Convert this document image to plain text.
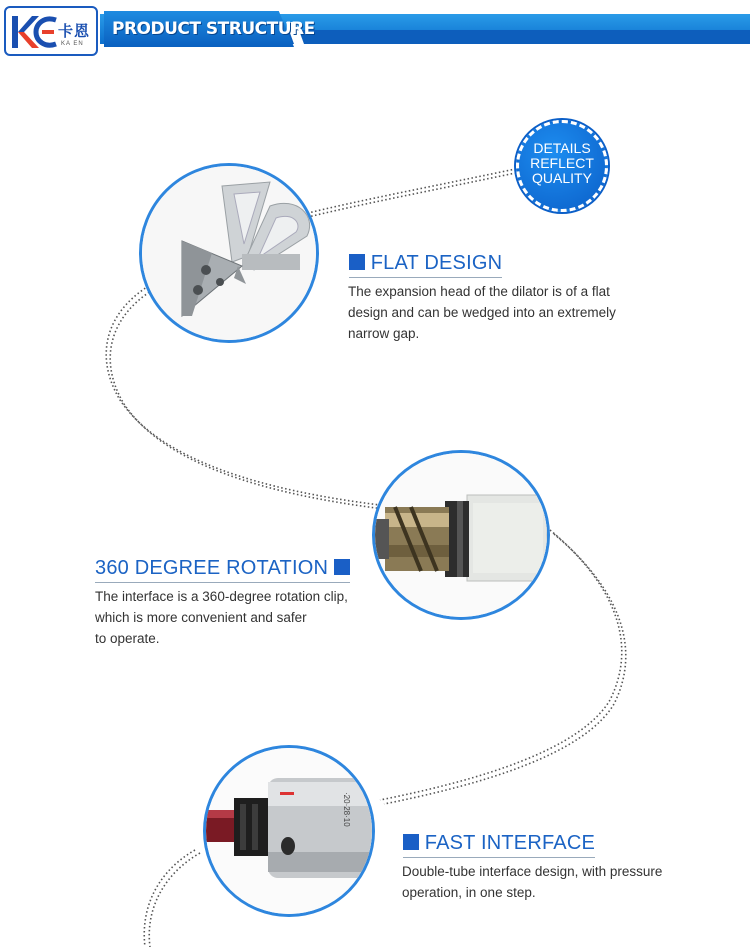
卡恩
KA EN
PRODUCT STRUCTURE
DETAILS
REFLECT
QUALITY
·20·28·10
FLAT DESIGN
The expansion head of the dilator is of a flat
design and can be wedged into an extremely
narrow gap.
360 DEGREE ROTATION
The interface is a 360-degree rotation clip,
which is more convenient and safer
to operate.
FAST INTERFACE
Double-tube interface design, with pressure
operation, in one step.
